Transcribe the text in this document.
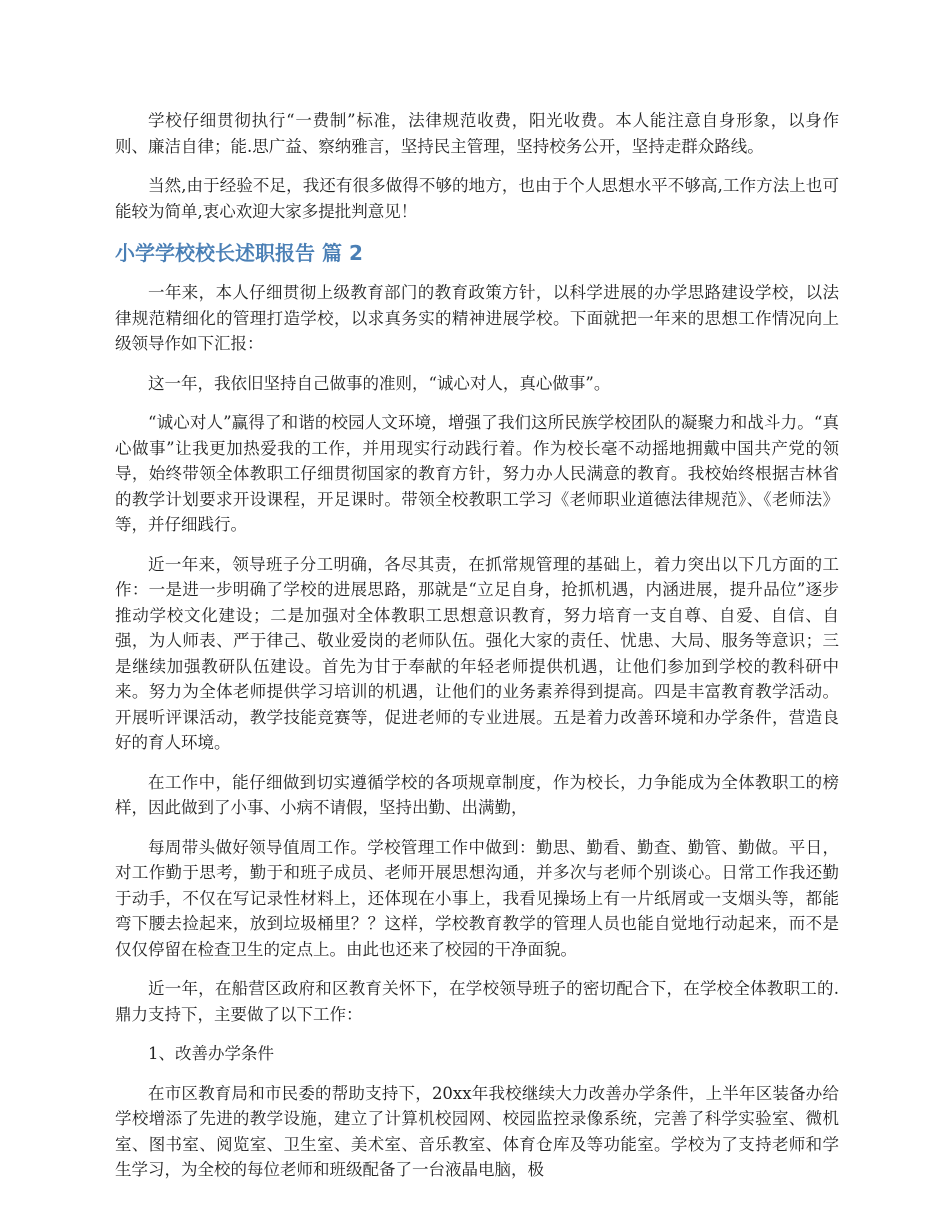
学校仔细贯彻执行“一费制”标准，法律规范收费，阳光收费。本人能注意自身形象，以身作则、廉洁自律；能.思广益、察纳雅言，坚持民主管理，坚持校务公开，坚持走群众路线。

当然,由于经验不足，我还有很多做得不够的地方，也由于个人思想水平不够高,工作方法上也可能较为简单,衷心欢迎大家多提批判意见！

小学学校校长述职报告 篇 2

一年来，本人仔细贯彻上级教育部门的教育政策方针，以科学进展的办学思路建设学校，以法律规范精细化的管理打造学校，以求真务实的精神进展学校。下面就把一年来的思想工作情况向上级领导作如下汇报：

这一年，我依旧坚持自己做事的准则，“诚心对人，真心做事”。

“诚心对人”赢得了和谐的校园人文环境，增强了我们这所民族学校团队的凝聚力和战斗力。“真心做事”让我更加热爱我的工作，并用现实行动践行着。作为校长毫不动摇地拥戴中国共产党的领导，始终带领全体教职工仔细贯彻国家的教育方针，努力办人民满意的教育。我校始终根据吉林省的教学计划要求开设课程，开足课时。带领全校教职工学习《老师职业道德法律规范》、《老师法》等，并仔细践行。

近一年来，领导班子分工明确，各尽其责，在抓常规管理的基础上，着力突出以下几方面的工作：一是进一步明确了学校的进展思路，那就是“立足自身，抢抓机遇，内涵进展，提升品位”逐步推动学校文化建设；二是加强对全体教职工思想意识教育，努力培育一支自尊、自爱、自信、自强，为人师表、严于律己、敬业爱岗的老师队伍。强化大家的责任、忧患、大局、服务等意识；三是继续加强教研队伍建设。首先为甘于奉献的年轻老师提供机遇，让他们参加到学校的教科研中来。努力为全体老师提供学习培训的机遇，让他们的业务素养得到提高。四是丰富教育教学活动。开展听评课活动，教学技能竞赛等，促进老师的专业进展。五是着力改善环境和办学条件，营造良好的育人环境。

在工作中，能仔细做到切实遵循学校的各项规章制度，作为校长，力争能成为全体教职工的榜样，因此做到了小事、小病不请假，坚持出勤、出满勤，

每周带头做好领导值周工作。学校管理工作中做到：勤思、勤看、勤查、勤管、勤做。平日，对工作勤于思考，勤于和班子成员、老师开展思想沟通，并多次与老师个别谈心。日常工作我还勤于动手，不仅在写记录性材料上，还体现在小事上，我看见操场上有一片纸屑或一支烟头等，都能弯下腰去捡起来，放到垃圾桶里？？这样，学校教育教学的管理人员也能自觉地行动起来，而不是仅仅停留在检查卫生的定点上。由此也还来了校园的干净面貌。

近一年，在船营区政府和区教育关怀下，在学校领导班子的密切配合下，在学校全体教职工的.鼎力支持下，主要做了以下工作：

1、改善办学条件

在市区教育局和市民委的帮助支持下，20xx年我校继续大力改善办学条件，上半年区装备办给学校增添了先进的教学设施，建立了计算机校园网、校园监控录像系统，完善了科学实验室、微机室、图书室、阅览室、卫生室、美术室、音乐教室、体育仓库及等功能室。学校为了支持老师和学生学习，为全校的每位老师和班级配备了一台液晶电脑，极
